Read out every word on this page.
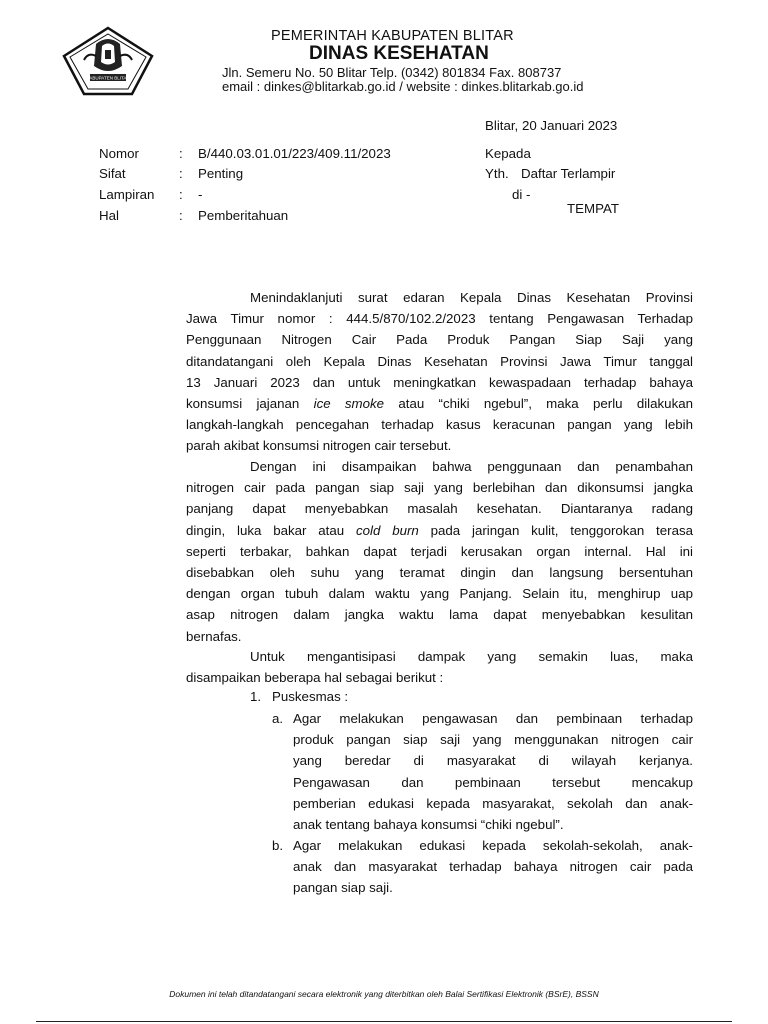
KABUPATEN BLITAR
PEMERINTAH KABUPATEN BLITAR
DINAS KESEHATAN
Jln. Semeru No. 50 Blitar Telp. (0342) 801834 Fax. 808737
email : dinkes@blitarkab.go.id / website : dinkes.blitarkab.go.id
Blitar, 20 Januari 2023
Nomor	: B/440.03.01.01/223/409.11/2023
Sifat	: Penting
Lampiran : -
Hal	: Pemberitahuan
Kepada
Yth. Daftar Terlampir
di -
TEMPAT
Menindaklanjuti surat edaran Kepala Dinas Kesehatan Provinsi
Jawa Timur nomor : 444.5/870/102.2/2023 tentang Pengawasan Terhadap
Penggunaan Nitrogen Cair Pada Produk Pangan Siap Saji yang
ditandatangani oleh Kepala Dinas Kesehatan Provinsi Jawa Timur tanggal
13 Januari 2023 dan untuk meningkatkan kewaspadaan terhadap bahaya
konsumsi jajanan ice smoke atau “chiki ngebul”, maka perlu dilakukan
langkah-langkah pencegahan terhadap kasus keracunan pangan yang lebih
parah akibat konsumsi nitrogen cair tersebut.
Dengan ini disampaikan bahwa penggunaan dan penambahan
nitrogen cair pada pangan siap saji yang berlebihan dan dikonsumsi jangka
panjang dapat menyebabkan masalah kesehatan. Diantaranya radang
dingin, luka bakar atau cold burn pada jaringan kulit, tenggorokan terasa
seperti terbakar, bahkan dapat terjadi kerusakan organ internal. Hal ini
disebabkan oleh suhu yang teramat dingin dan langsung bersentuhan
dengan organ tubuh dalam waktu yang Panjang. Selain itu, menghirup uap
asap nitrogen dalam jangka waktu lama dapat menyebabkan kesulitan
bernafas.
Untuk mengantisipasi dampak yang semakin luas, maka
disampaikan beberapa hal sebagai berikut :
1. Puskesmas :
a. Agar melakukan pengawasan dan pembinaan terhadap
produk pangan siap saji yang menggunakan nitrogen cair
yang beredar di masyarakat di wilayah kerjanya.
Pengawasan dan pembinaan tersebut mencakup
pemberian edukasi kepada masyarakat, sekolah dan anak-
anak tentang bahaya konsumsi “chiki ngebul”.
b. Agar melakukan edukasi kepada sekolah-sekolah, anak-
anak dan masyarakat terhadap bahaya nitrogen cair pada
pangan siap saji.
Dokumen ini telah ditandatangani secara elektronik yang diterbitkan oleh Balai Sertifikasi Elektronik (BSrE), BSSN
